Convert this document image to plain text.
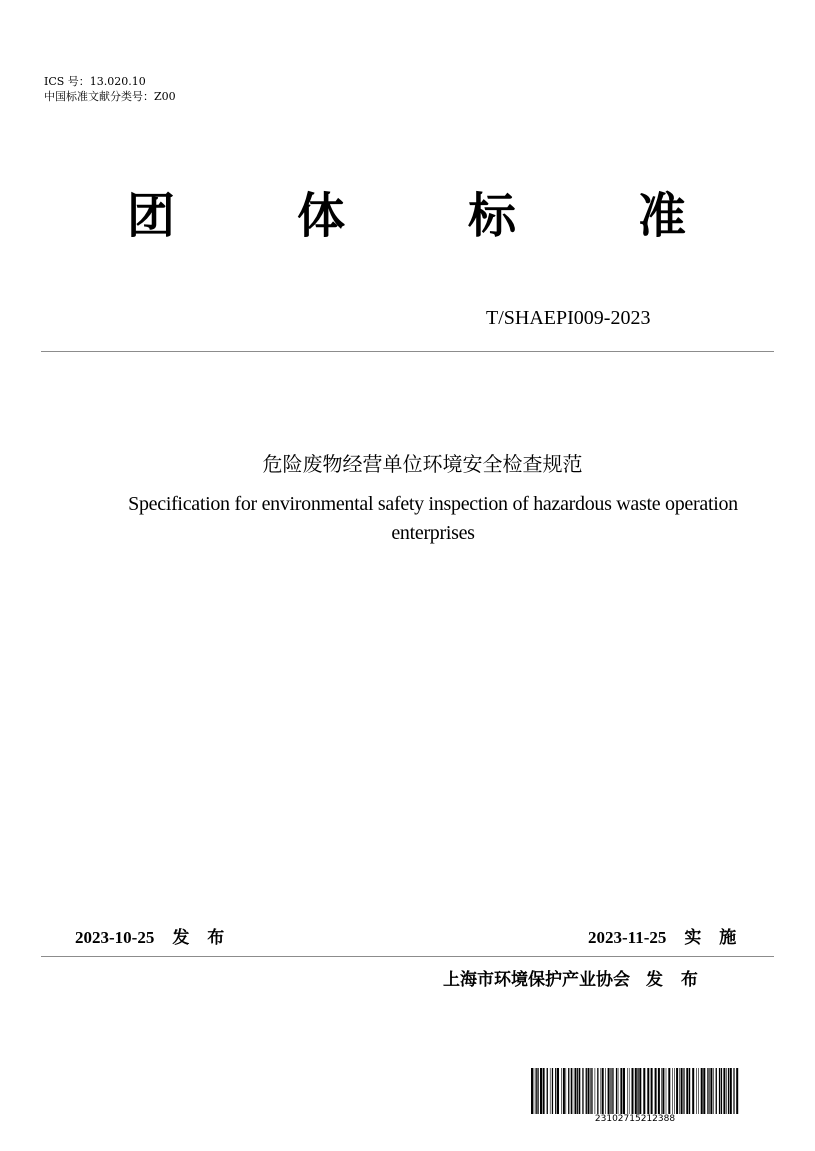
ICS 号：13.020.10
中国标准文献分类号：Z00
团	体	标	准
T/SHAEPI009-2023
危险废物经营单位环境安全检查规范
Specification for environmental safety inspection of hazardous waste operation enterprises
2023-10-25 发 布	2023-11-25 实 施
上海市环境保护产业协会 发 布
23102715212388
